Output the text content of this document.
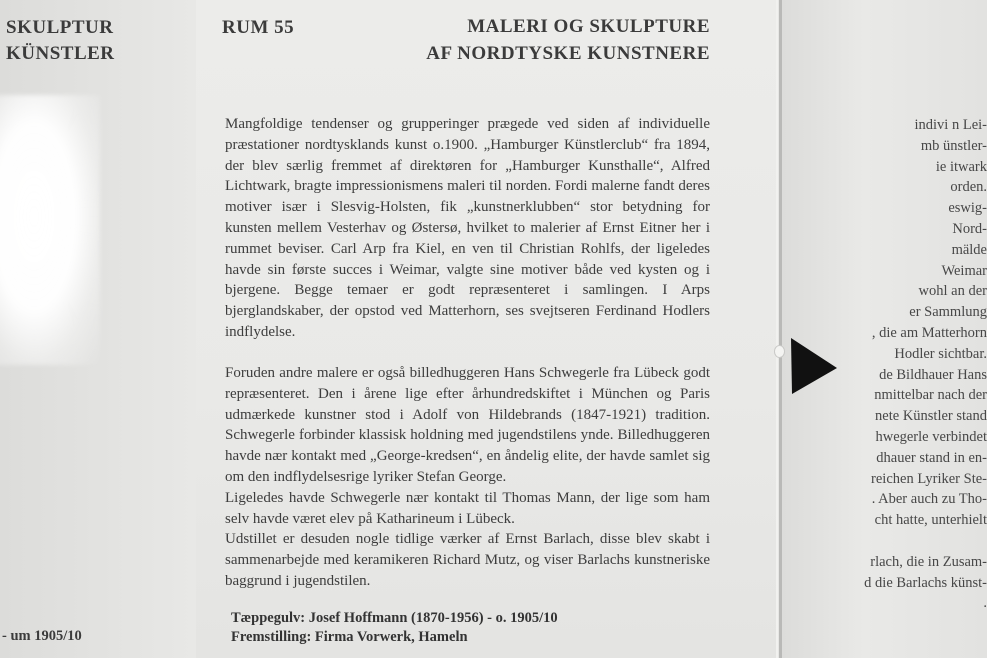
SKULPTUR
KÜNSTLER
indivi n Lei-
mb ünstler-
ie itwark
orden.
eswig-
Nord-
mälde
Weimar
wohl an der
er Sammlung
, die am Matterhorn
Hodler sichtbar.
de Bildhauer Hans
nmittelbar nach der
nete Künstler stand
hwegerle verbindet
dhauer stand in en-
reichen Lyriker Ste-
. Aber auch zu Tho-
cht hatte, unterhielt
rlach, die in Zusam-
d die Barlachs künst-
.
- um 1905/10
RUM 55	MALERI OG SKULPTURE
AF NORDTYSKE KUNSTNERE
Mangfoldige tendenser og grupperinger prægede ved siden af individuelle præstationer nordtysklands kunst o.1900. „Hamburger Künstlerclub“ fra 1894, der blev særlig fremmet af direktøren for „Hamburger Kunsthalle“, Alfred Lichtwark, bragte impressionismens maleri til norden. Fordi malerne fandt deres motiver især i Slesvig-Holsten, fik „kunstnerklubben“ stor betydning for kunsten mellem Vesterhav og Østersø, hvilket to malerier af Ernst Eitner her i rummet beviser. Carl Arp fra Kiel, en ven til Christian Rohlfs, der ligeledes havde sin første succes i Weimar, valgte sine motiver både ved kysten og i bjergene. Begge temaer er godt repræsenteret i samlingen. I Arps bjerglandskaber, der opstod ved Matterhorn, ses svejtseren Ferdinand Hodlers indflydelse.
Foruden andre malere er også billedhuggeren Hans Schwegerle fra Lübeck godt repræsenteret. Den i årene lige efter århundredskiftet i München og Paris udmærkede kunstner stod i Adolf von Hildebrands (1847-1921) tradition. Schwegerle forbinder klassisk holdning med jugendstilens ynde. Billedhuggeren havde nær kontakt med „George-kredsen“, en åndelig elite, der havde samlet sig om den indflydelsesrige lyriker Stefan George.
Ligeledes havde Schwegerle nær kontakt til Thomas Mann, der lige som ham selv havde været elev på Katharineum i Lübeck.
Udstillet er desuden nogle tidlige værker af Ernst Barlach, disse blev skabt i sammenarbejde med keramikeren Richard Mutz, og viser Barlachs kunstneriske baggrund i jugendstilen.
Tæppegulv: Josef Hoffmann (1870-1956) - o. 1905/10
Fremstilling: Firma Vorwerk, Hameln
